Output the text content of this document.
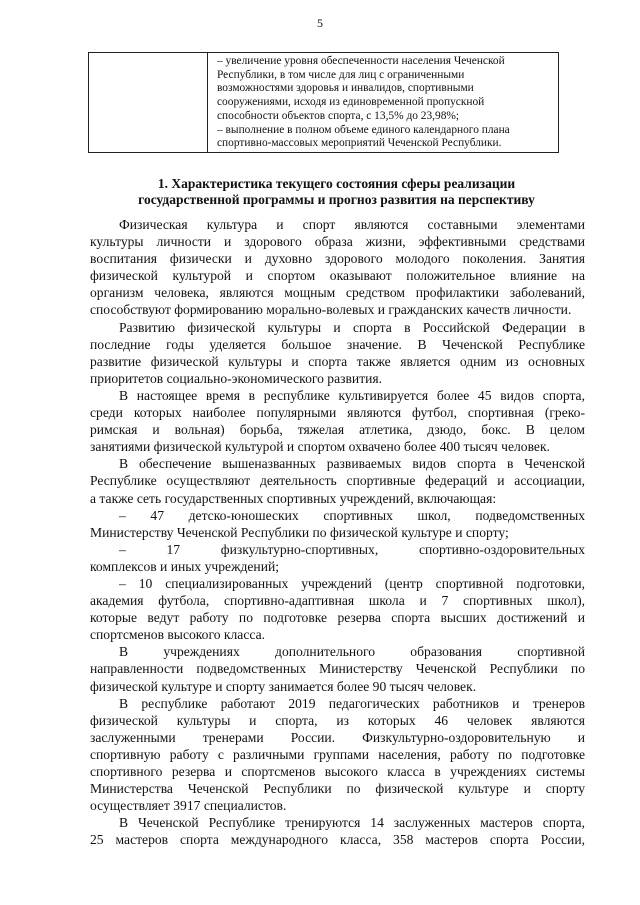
5

– увеличение уровня обеспеченности населения Чеченской
Республики, в том числе для лиц с ограниченными
возможностями здоровья и инвалидов, спортивными
сооружениями, исходя из единовременной пропускной
способности объектов спорта, с 13,5% до 23,98%;
– выполнение в полном объеме единого календарного плана
спортивно-массовых мероприятий Чеченской Республики.
1. Характеристика текущего состояния сферы реализации
государственной программы и прогноз развития на перспективу
Физическая культура и спорт являются составными элементами
культуры личности и здорового образа жизни, эффективными средствами
воспитания физически и духовно здорового молодого поколения. Занятия
физической культурой и спортом оказывают положительное влияние на
организм человека, являются мощным средством профилактики заболеваний,
способствуют формированию морально-волевых и гражданских качеств личности.
Развитию физической культуры и спорта в Российской Федерации в
последние годы уделяется большое значение. В Чеченской Республике
развитие физической культуры и спорта также является одним из основных
приоритетов социально-экономического развития.
В настоящее время в республике культивируется более 45 видов спорта,
среди которых наиболее популярными являются футбол, спортивная (греко-
римская и вольная) борьба, тяжелая атлетика, дзюдо, бокс. В целом
занятиями физической культурой и спортом охвачено более 400 тысяч человек.
В обеспечение вышеназванных развиваемых видов спорта в Чеченской
Республике осуществляют деятельность спортивные федераций и ассоциации,
а также сеть государственных спортивных учреждений, включающая:
– 47 детско-юношеских спортивных школ, подведомственных
Министерству Чеченской Республики по физической культуре и спорту;
– 17 физкультурно-спортивных, спортивно-оздоровительных
комплексов и иных учреждений;
– 10 специализированных учреждений (центр спортивной подготовки,
академия футбола, спортивно-адаптивная школа и 7 спортивных школ),
которые ведут работу по подготовке резерва спорта высших достижений и
спортсменов высокого класса.
В учреждениях дополнительного образования спортивной
направленности подведомственных Министерству Чеченской Республики по
физической культуре и спорту занимается более 90 тысяч человек.
В республике работают 2019 педагогических работников и тренеров
физической культуры и спорта, из которых 46 человек являются
заслуженными тренерами России. Физкультурно-оздоровительную и
спортивную работу с различными группами населения, работу по подготовке
спортивного резерва и спортсменов высокого класса в учреждениях системы
Министерства Чеченской Республики по физической культуре и спорту
осуществляет 3917 специалистов.
В Чеченской Республике тренируются 14 заслуженных мастеров спорта,
25 мастеров спорта международного класса, 358 мастеров спорта России,
